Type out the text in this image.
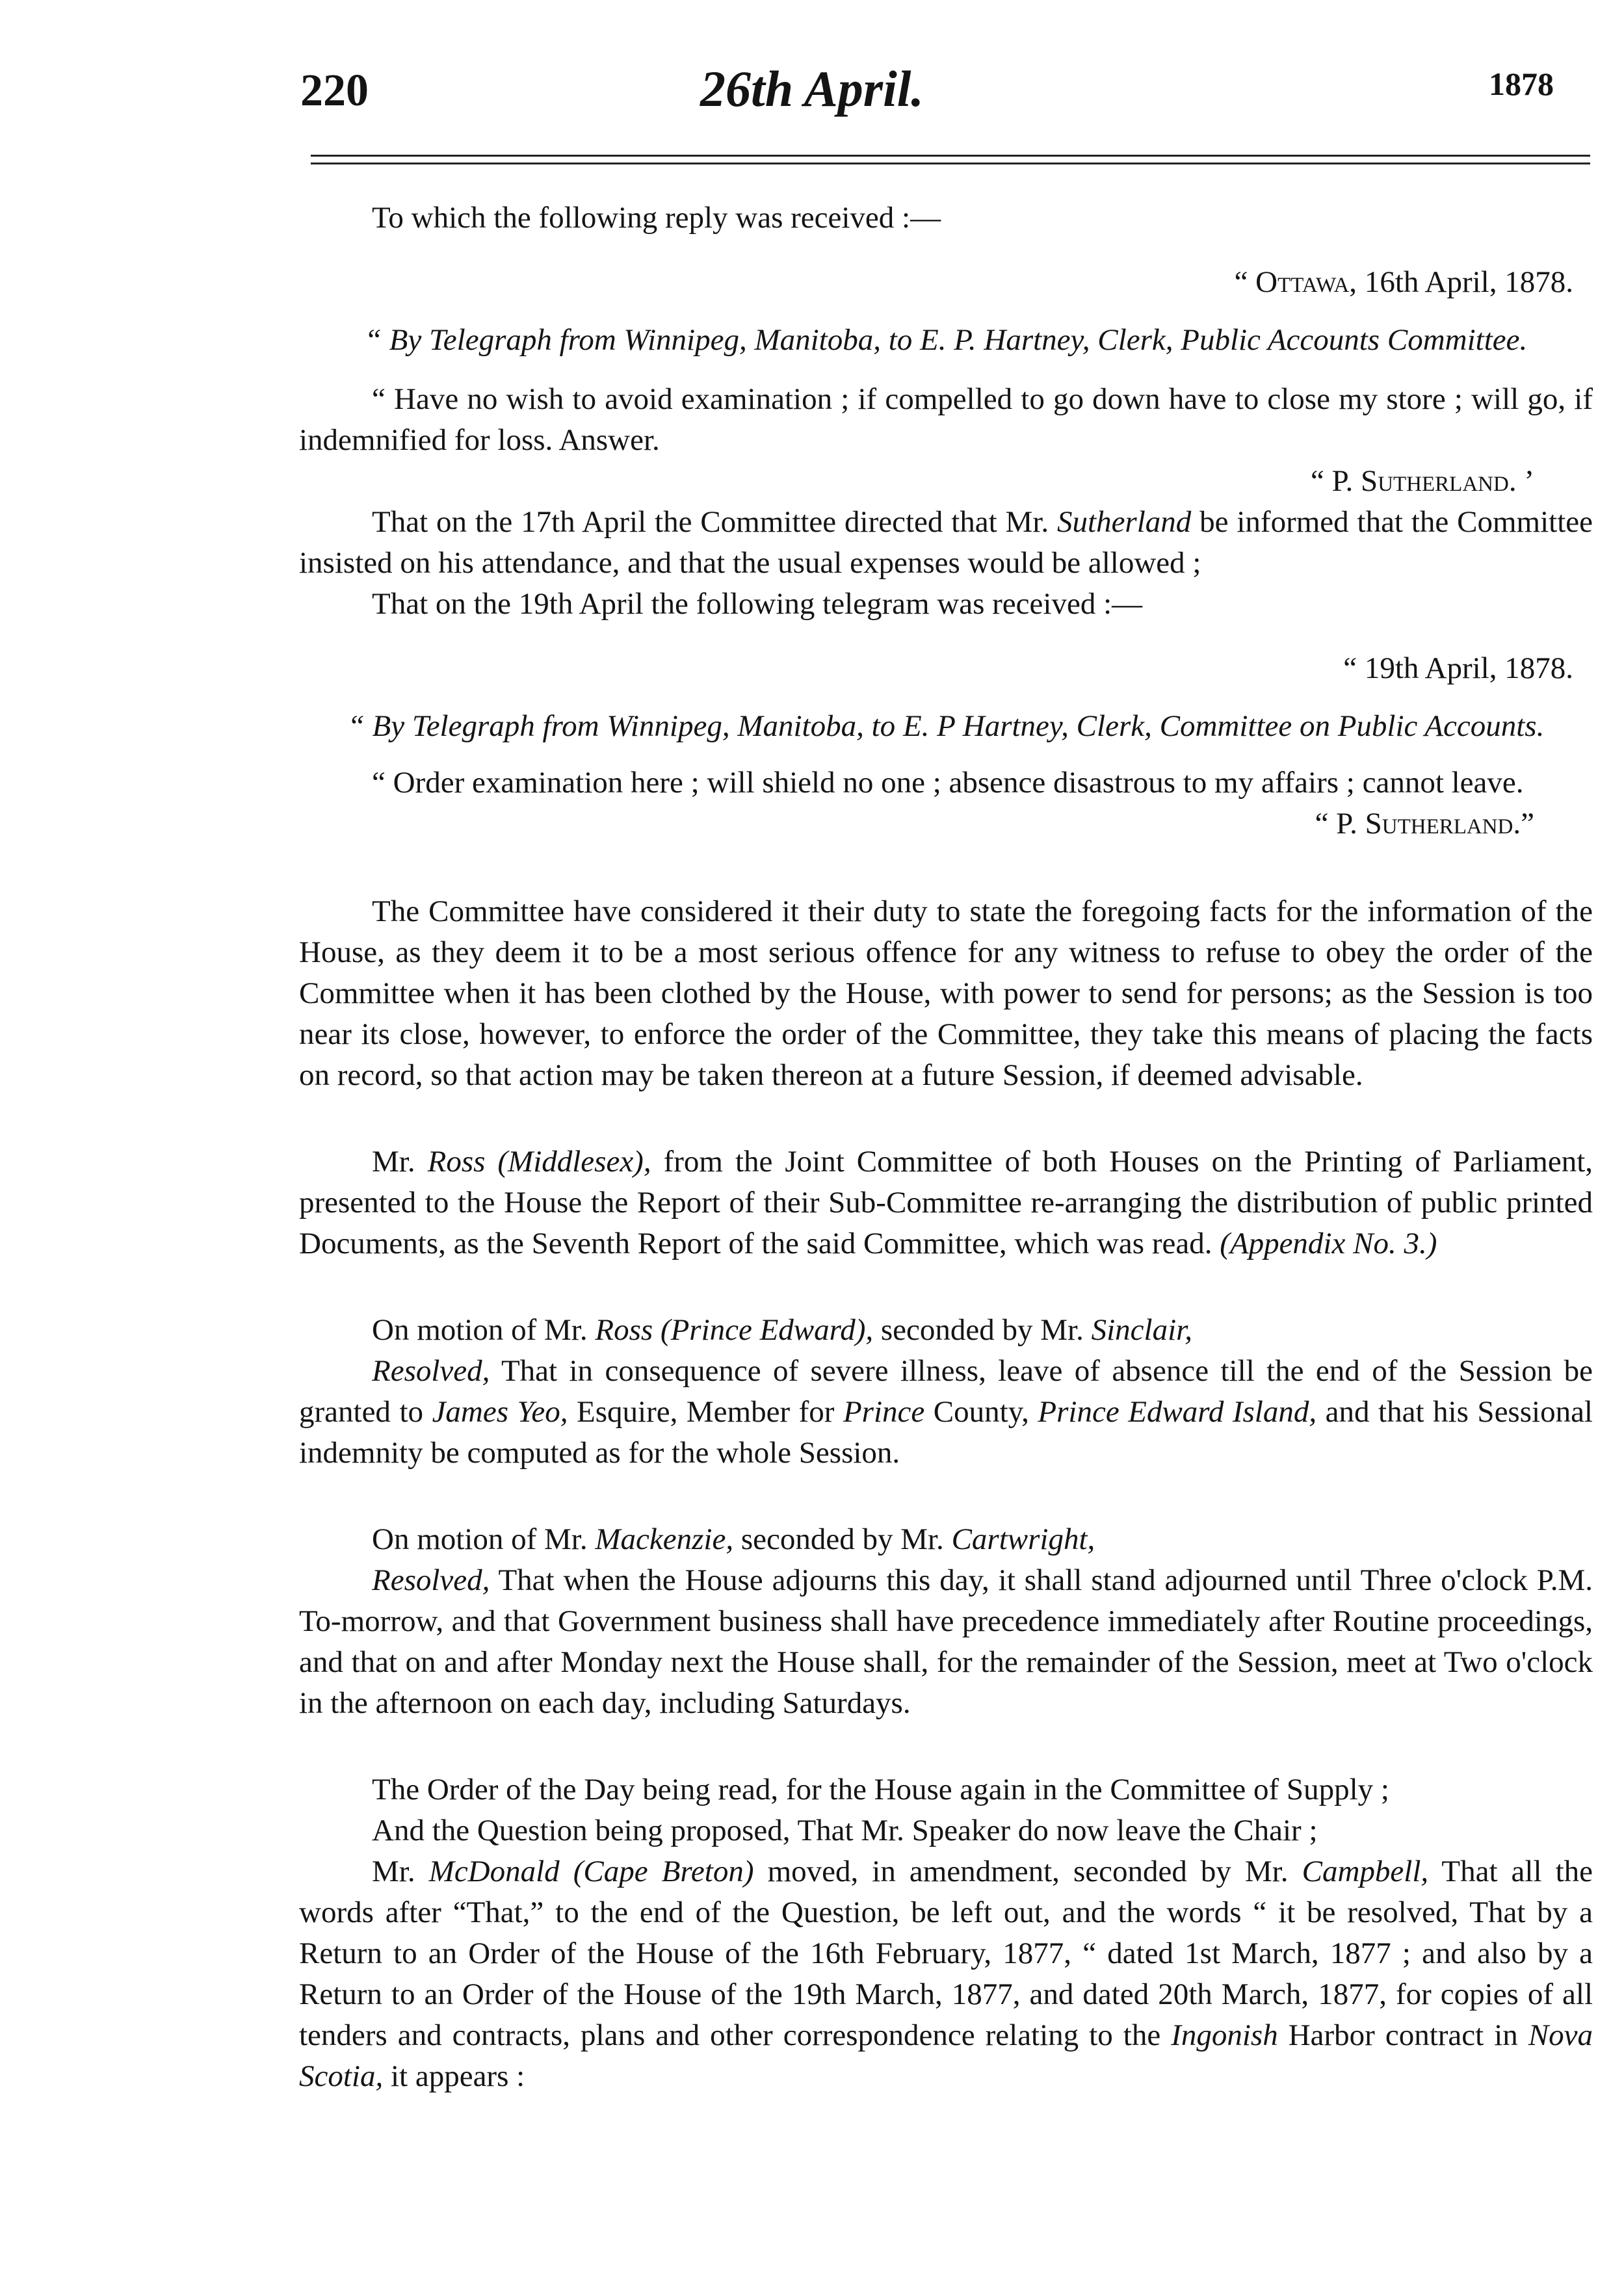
220	26th April.	1878

To which the following reply was received :—

“ Ottawa, 16th April, 1878.

“ By Telegraph from Winnipeg, Manitoba, to E. P. Hartney, Clerk, Public Accounts Committee.

“ Have no wish to avoid examination ; if compelled to go down have to close my store ; will go, if indemnified for loss. Answer.

“ P. Sutherland. ’

That on the 17th April the Committee directed that Mr. Sutherland be informed that the Committee insisted on his attendance, and that the usual expenses would be allowed ;

That on the 19th April the following telegram was received :—

“ 19th April, 1878.

“ By Telegraph from Winnipeg, Manitoba, to E. P Hartney, Clerk, Committee on Public Accounts.

“ Order examination here ; will shield no one ; absence disastrous to my affairs ; cannot leave.

“ P. Sutherland.”

The Committee have considered it their duty to state the foregoing facts for the information of the House, as they deem it to be a most serious offence for any witness to refuse to obey the order of the Committee when it has been clothed by the House, with power to send for persons; as the Session is too near its close, however, to enforce the order of the Committee, they take this means of placing the facts on record, so that action may be taken thereon at a future Session, if deemed advisable.

Mr. Ross (Middlesex), from the Joint Committee of both Houses on the Printing of Parliament, presented to the House the Report of their Sub-Committee re-arranging the distribution of public printed Documents, as the Seventh Report of the said Committee, which was read. (Appendix No. 3.)

On motion of Mr. Ross (Prince Edward), seconded by Mr. Sinclair,

Resolved, That in consequence of severe illness, leave of absence till the end of the Session be granted to James Yeo, Esquire, Member for Prince County, Prince Edward Island, and that his Sessional indemnity be computed as for the whole Session.

On motion of Mr. Mackenzie, seconded by Mr. Cartwright,

Resolved, That when the House adjourns this day, it shall stand adjourned until Three o'clock P.M. To-morrow, and that Government business shall have precedence immediately after Routine proceedings, and that on and after Monday next the House shall, for the remainder of the Session, meet at Two o'clock in the afternoon on each day, including Saturdays.

The Order of the Day being read, for the House again in the Committee of Supply ;

And the Question being proposed, That Mr. Speaker do now leave the Chair ;

Mr. McDonald (Cape Breton) moved, in amendment, seconded by Mr. Campbell, That all the words after “That,” to the end of the Question, be left out, and the words “ it be resolved, That by a Return to an Order of the House of the 16th February, 1877, “ dated 1st March, 1877 ; and also by a Return to an Order of the House of the 19th March, 1877, and dated 20th March, 1877, for copies of all tenders and contracts, plans and other correspondence relating to the Ingonish Harbor contract in Nova Scotia, it appears :
